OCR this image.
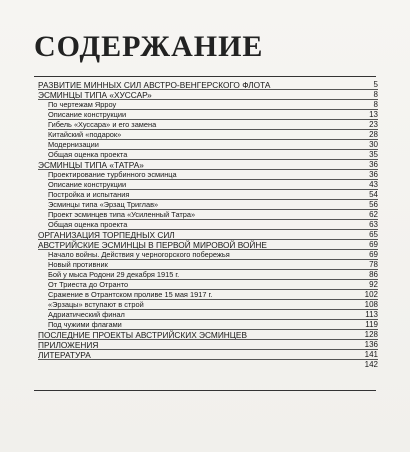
СОДЕРЖАНИЕ
РАЗВИТИЕ МИННЫХ СИЛ АВСТРО-ВЕНГЕРСКОГО ФЛОТА	5
ЭСМИНЦЫ ТИПА «ХУССАР»	8
По чертежам Ярроу	8
Описание конструкции	13
Гибель «Хуссара» и его замена	23
Китайский «подарок»	28
Модернизации	30
Общая оценка проекта	35
ЭСМИНЦЫ ТИПА «ТАТРА»	36
Проектирование турбинного эсминца	36
Описание конструкции	43
Постройка и испытания	54
Эсминцы типа «Эрзац Триглав»	56
Проект эсминцев типа «Усиленный Татра»	62
Общая оценка проекта	63
ОРГАНИЗАЦИЯ ТОРПЕДНЫХ СИЛ	65
АВСТРИЙСКИЕ ЭСМИНЦЫ В ПЕРВОЙ МИРОВОЙ ВОЙНЕ	69
Начало войны. Действия у черногорского побережья	69
Новый противник	78
Бой у мыса Родони 29 декабря 1915 г.	86
От Триеста до Отранто	92
Сражение в Отрантском проливе 15 мая 1917 г.	102
«Эрзацы» вступают в строй	108
Адриатический финал	113
Под чужими флагами	119
ПОСЛЕДНИЕ ПРОЕКТЫ АВСТРИЙСКИХ ЭСМИНЦЕВ	128
ПРИЛОЖЕНИЯ	136
ЛИТЕРАТУРА	141
142
